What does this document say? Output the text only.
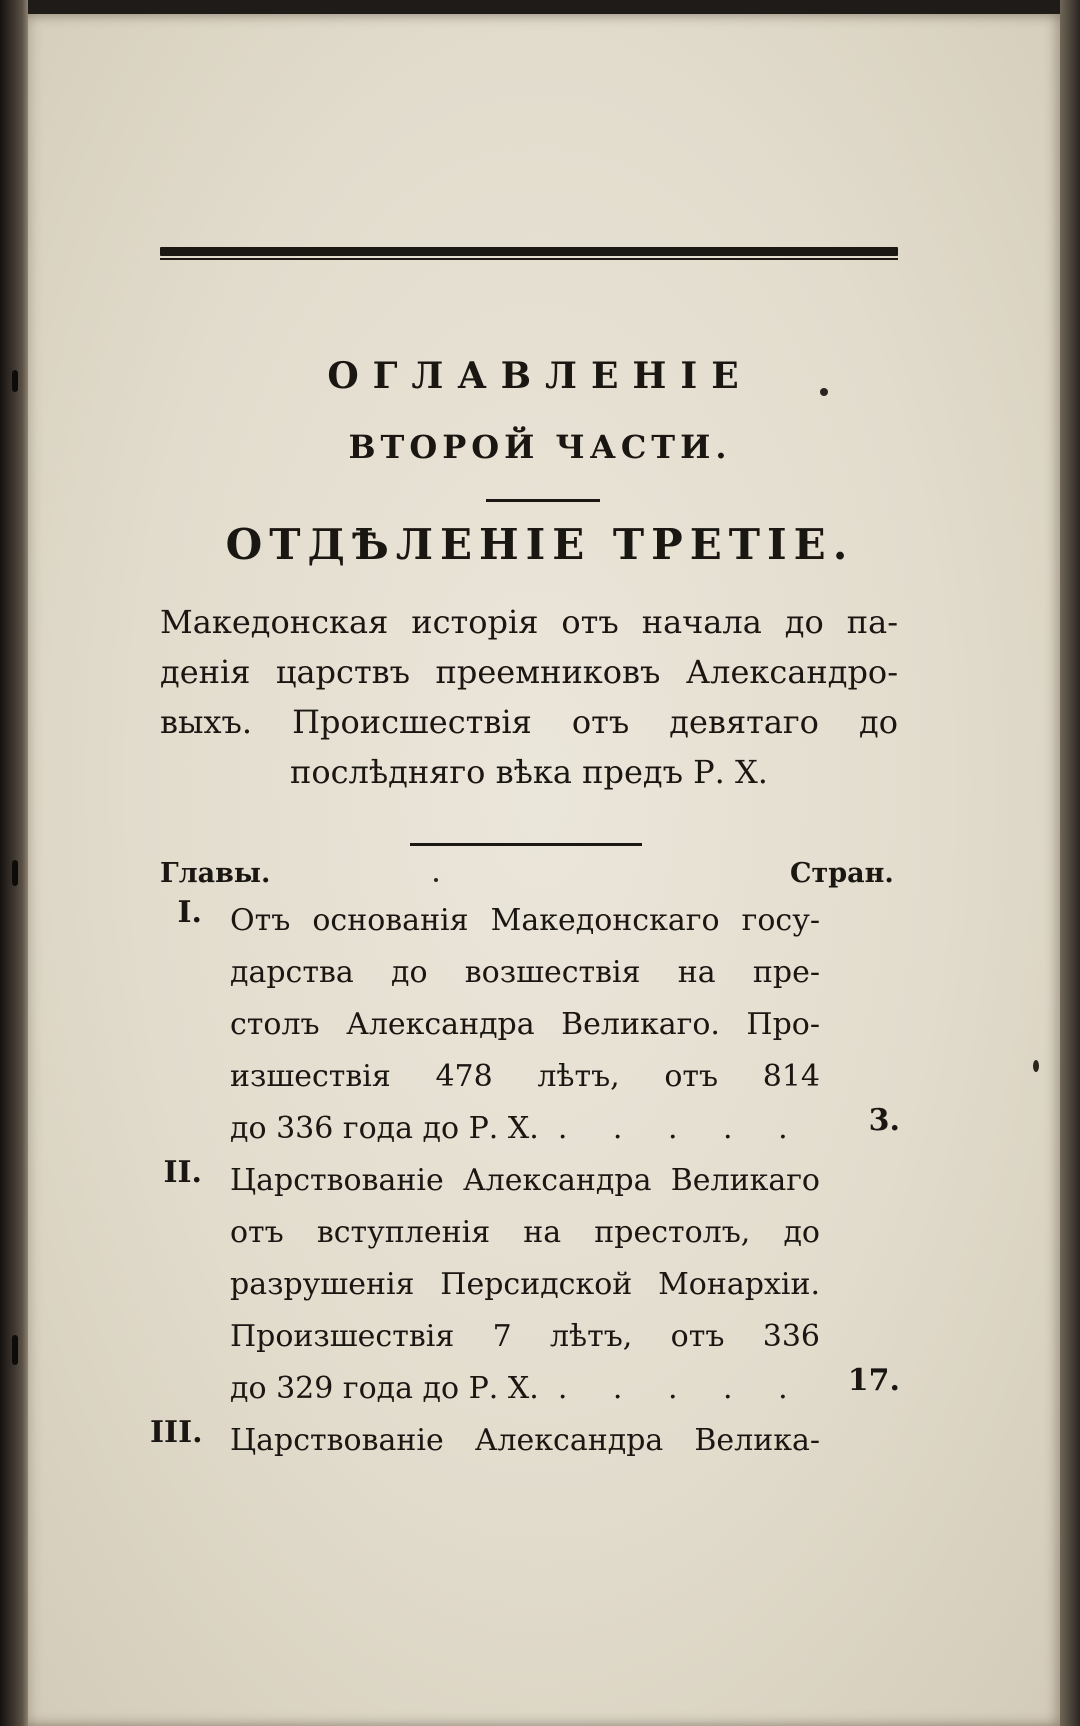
ОГЛАВЛЕНІЕ
ВТОРОЙ ЧАСТИ.
ОТДѢЛЕНІЕ ТРЕТІЕ.
Македонская исторія отъ начала до па-
денія царствъ преемниковъ Александро-
выхъ. Происшествія отъ девятаго до
послѣдняго вѣка предъ Р. Х.
Главы.	Стран.
I. Отъ основанія Македонскаго госу-
дарства до возшествія на пре-
столъ Александра Великаго. Про-
изшествія 478 лѣтъ, отъ 814
до 336 года до Р. Х. . . . . .	3.
II. Царствованіе Александра Великаго
отъ вступленія на престолъ, до
разрушенія Персидской Монархіи.
Произшествія 7 лѣтъ, отъ 336
до 329 года до Р. Х. . . . . .	17.
III. Царствованіе Александра Велика-
